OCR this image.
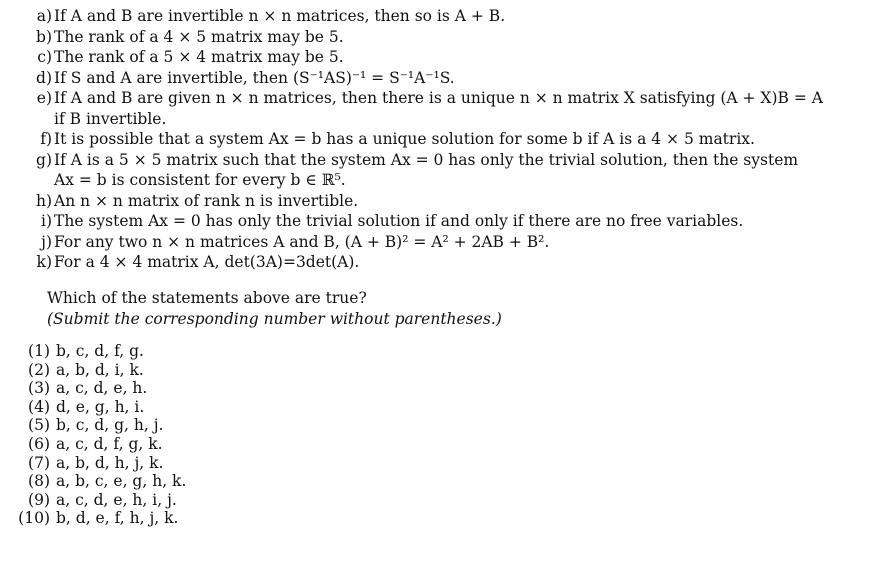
a) If A and B are invertible n × n matrices, then so is A + B.
b) The rank of a 4 × 5 matrix may be 5.
c) The rank of a 5 × 4 matrix may be 5.
d) If S and A are invertible, then (S⁻¹AS)⁻¹ = S⁻¹A⁻¹S.
e) If A and B are given n × n matrices, then there is a unique n × n matrix X satisfying (A + X)B = A
if B invertible.
f) It is possible that a system Ax = b has a unique solution for some b if A is a 4 × 5 matrix.
g) If A is a 5 × 5 matrix such that the system Ax = 0 has only the trivial solution, then the system
Ax = b is consistent for every b ∈ ℝ⁵.
h) An n × n matrix of rank n is invertible.
i) The system Ax = 0 has only the trivial solution if and only if there are no free variables.
j) For any two n × n matrices A and B, (A + B)² = A² + 2AB + B².
k) For a 4 × 4 matrix A, det(3A)=3det(A).
Which of the statements above are true?
(Submit the corresponding number without parentheses.)
(1) b, c, d, f, g.
(2) a, b, d, i, k.
(3) a, c, d, e, h.
(4) d, e, g, h, i.
(5) b, c, d, g, h, j.
(6) a, c, d, f, g, k.
(7) a, b, d, h, j, k.
(8) a, b, c, e, g, h, k.
(9) a, c, d, e, h, i, j.
(10) b, d, e, f, h, j, k.
